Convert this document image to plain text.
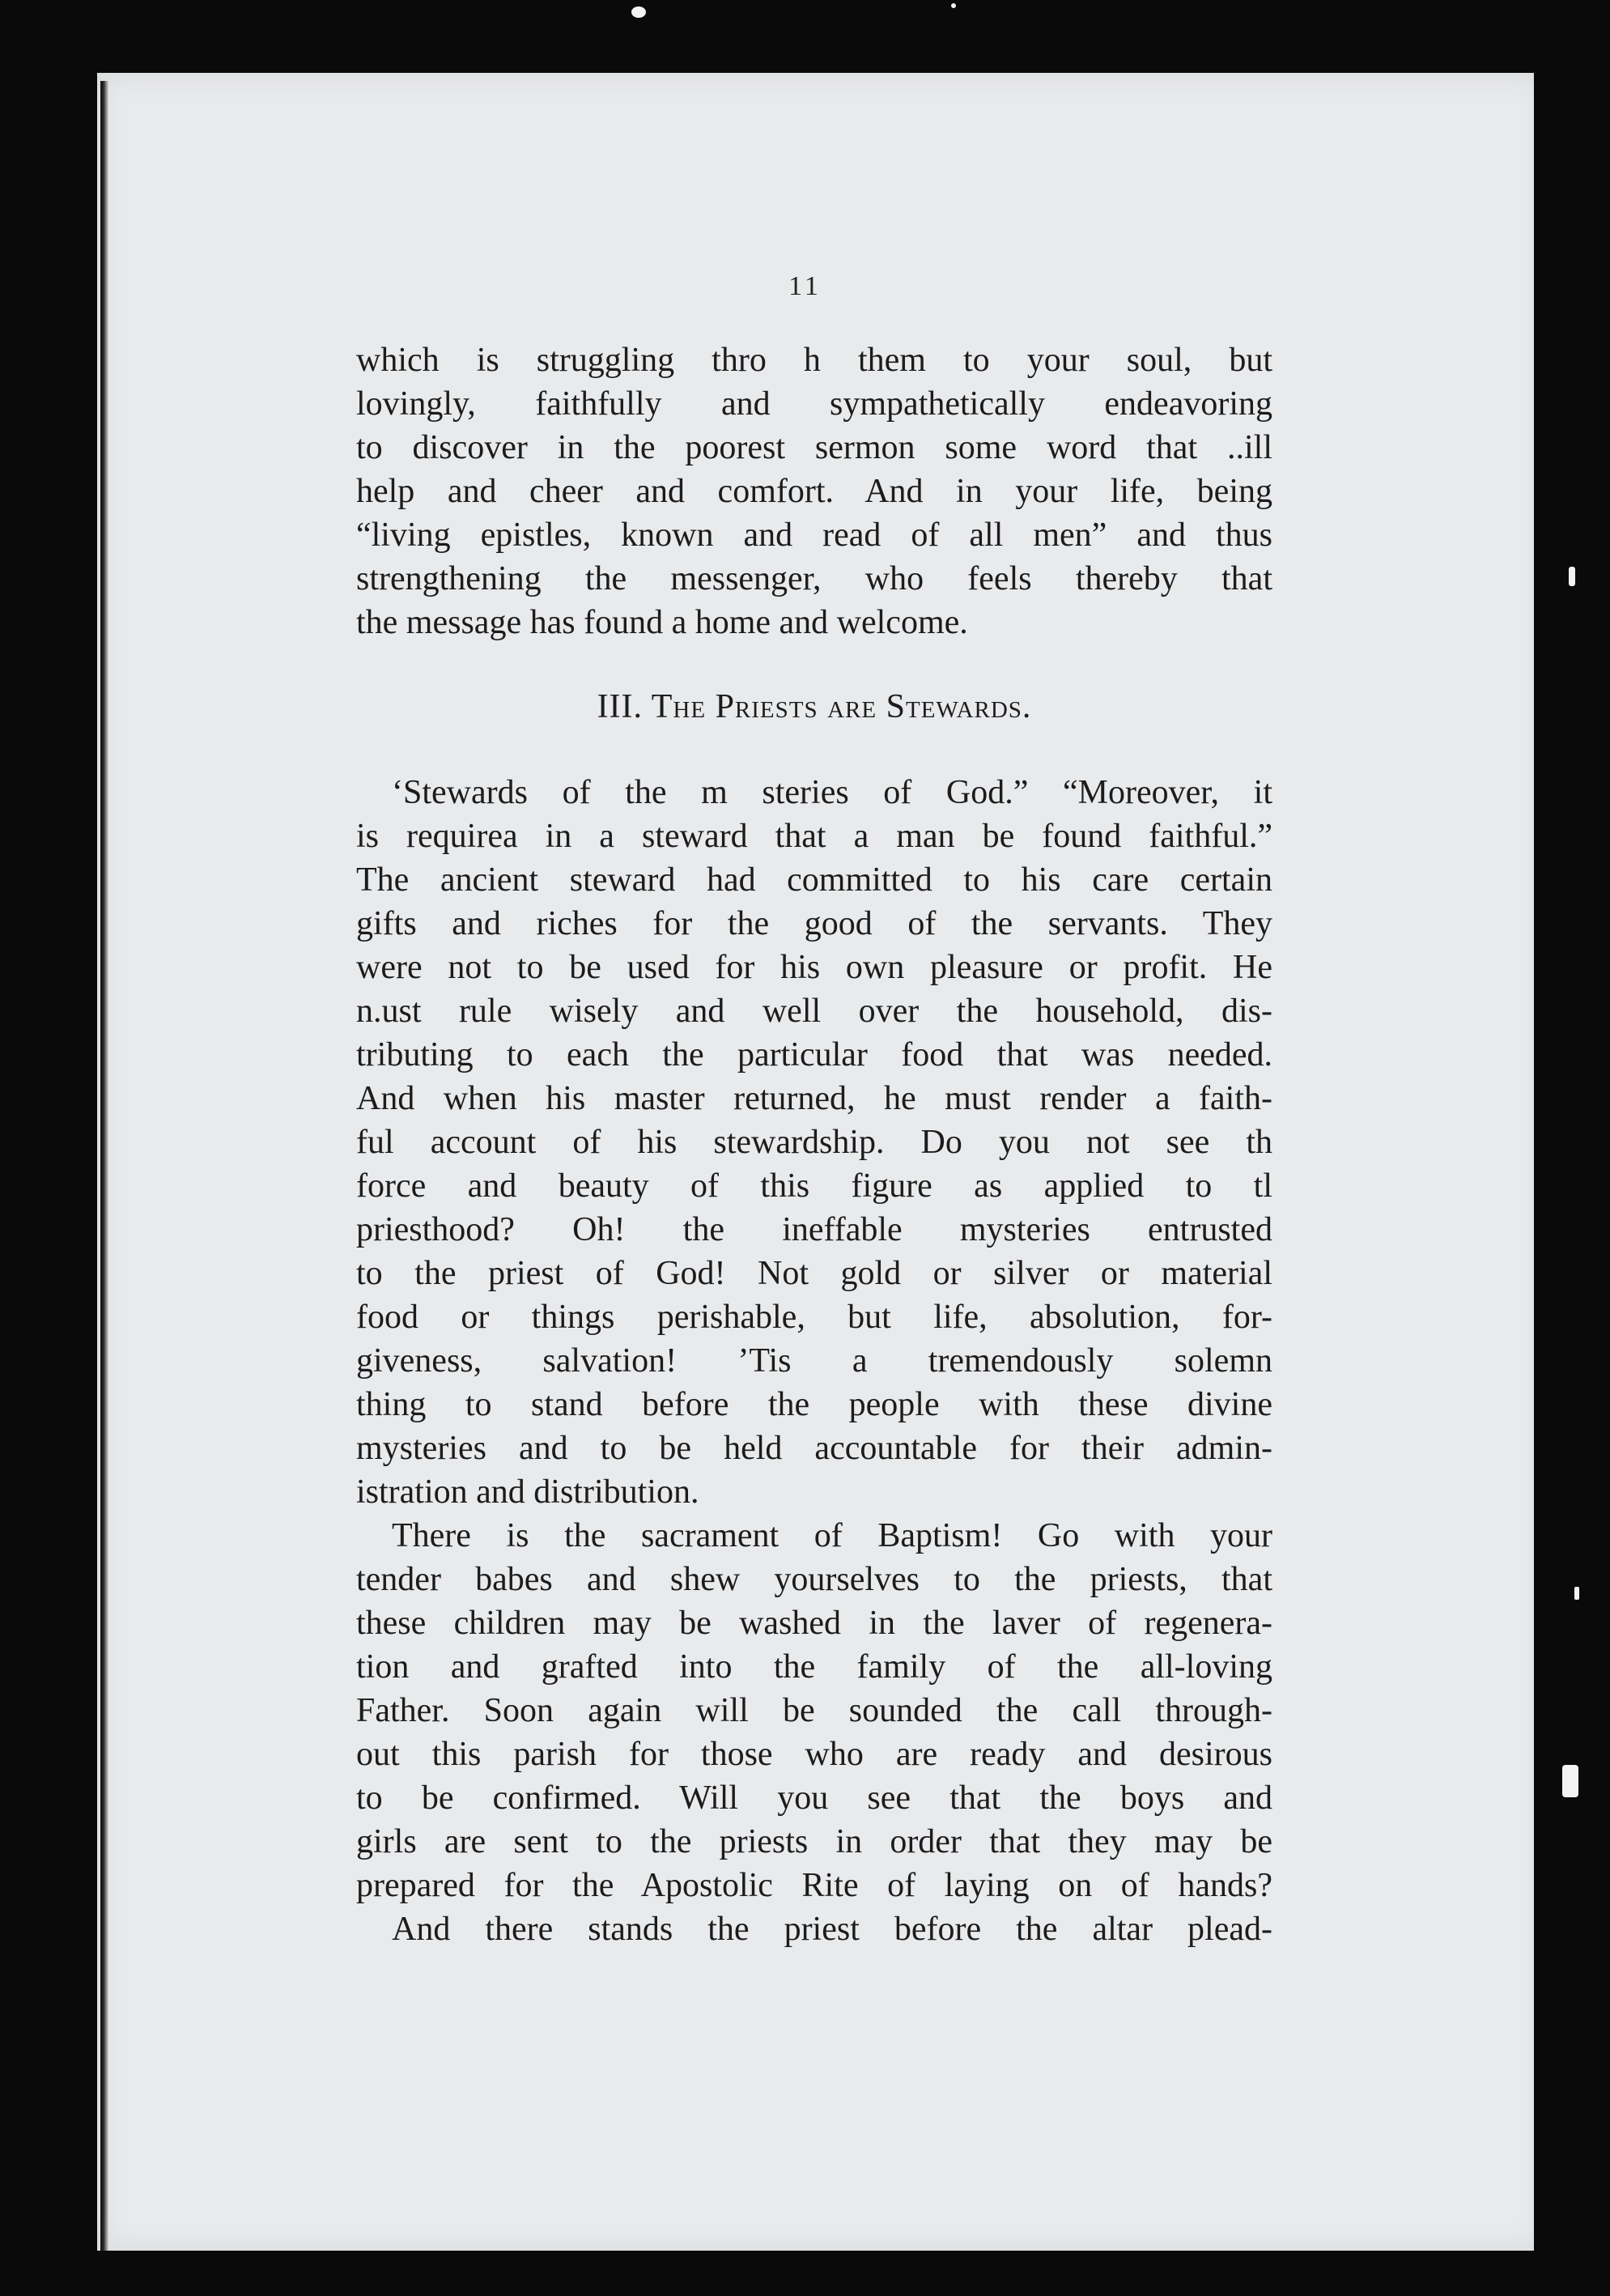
11
which is struggling thro h them to your soul, but
lovingly, faithfully and sympathetically endeavoring
to discover in the poorest sermon some word that ..ill
help and cheer and comfort. And in your life, being
“living epistles, known and read of all men” and thus
strengthening the messenger, who feels thereby that
the message has found a home and welcome.
III. The Priests are Stewards.
‘Stewards of the m steries of God.” “Moreover, it
is requirea in a steward that a man be found faithful.”
The ancient steward had committed to his care certain
gifts and riches for the good of the servants. They
were not to be used for his own pleasure or profit. He
n.ust rule wisely and well over the household, dis-
tributing to each the particular food that was needed.
And when his master returned, he must render a faith-
ful account of his stewardship. Do you not see th
force and beauty of this figure as applied to tl
priesthood? Oh! the ineffable mysteries entrusted
to the priest of God! Not gold or silver or material
food or things perishable, but life, absolution, for-
giveness, salvation! ’Tis a tremendously solemn
thing to stand before the people with these divine
mysteries and to be held accountable for their admin-
istration and distribution.
There is the sacrament of Baptism! Go with your
tender babes and shew yourselves to the priests, that
these children may be washed in the laver of regenera-
tion and grafted into the family of the all-loving
Father. Soon again will be sounded the call through-
out this parish for those who are ready and desirous
to be confirmed. Will you see that the boys and
girls are sent to the priests in order that they may be
prepared for the Apostolic Rite of laying on of hands?
And there stands the priest before the altar plead-
